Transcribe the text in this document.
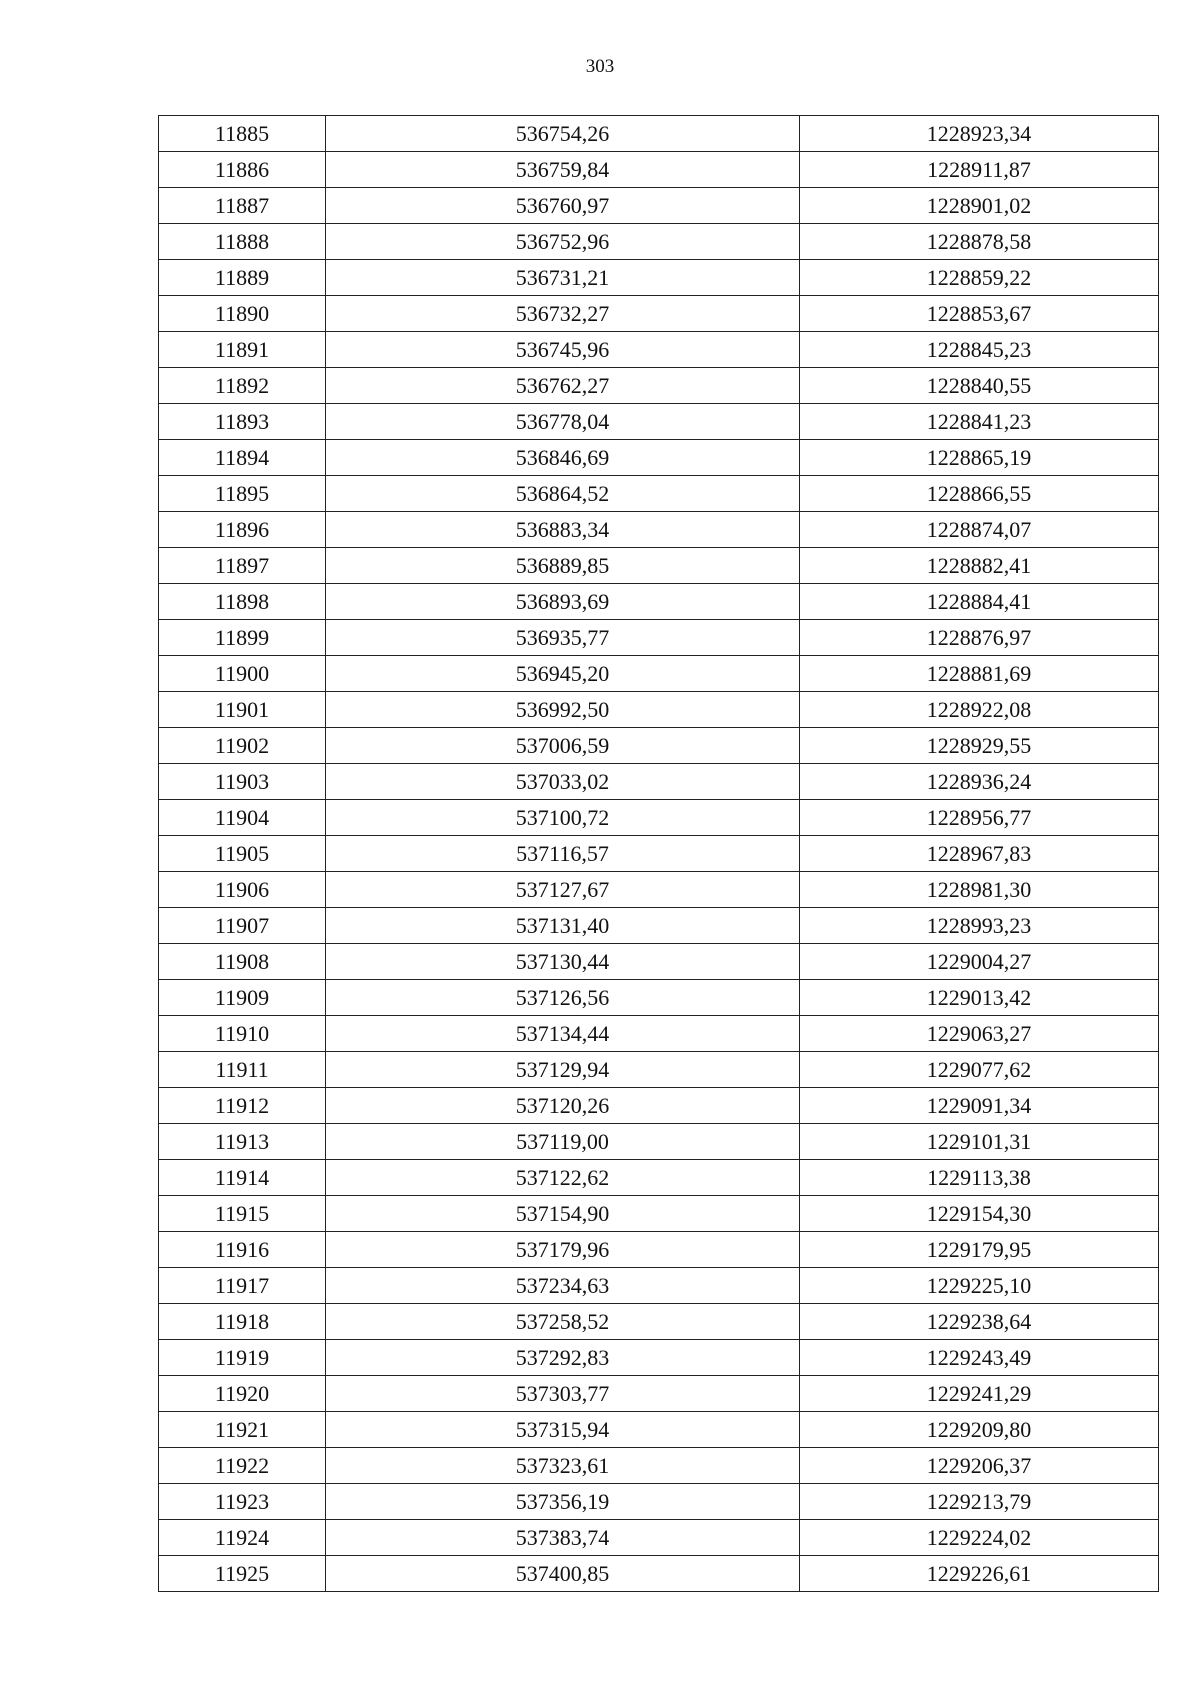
303
11885	536754,26	1228923,34
11886	536759,84	1228911,87
11887	536760,97	1228901,02
11888	536752,96	1228878,58
11889	536731,21	1228859,22
11890	536732,27	1228853,67
11891	536745,96	1228845,23
11892	536762,27	1228840,55
11893	536778,04	1228841,23
11894	536846,69	1228865,19
11895	536864,52	1228866,55
11896	536883,34	1228874,07
11897	536889,85	1228882,41
11898	536893,69	1228884,41
11899	536935,77	1228876,97
11900	536945,20	1228881,69
11901	536992,50	1228922,08
11902	537006,59	1228929,55
11903	537033,02	1228936,24
11904	537100,72	1228956,77
11905	537116,57	1228967,83
11906	537127,67	1228981,30
11907	537131,40	1228993,23
11908	537130,44	1229004,27
11909	537126,56	1229013,42
11910	537134,44	1229063,27
11911	537129,94	1229077,62
11912	537120,26	1229091,34
11913	537119,00	1229101,31
11914	537122,62	1229113,38
11915	537154,90	1229154,30
11916	537179,96	1229179,95
11917	537234,63	1229225,10
11918	537258,52	1229238,64
11919	537292,83	1229243,49
11920	537303,77	1229241,29
11921	537315,94	1229209,80
11922	537323,61	1229206,37
11923	537356,19	1229213,79
11924	537383,74	1229224,02
11925	537400,85	1229226,61
